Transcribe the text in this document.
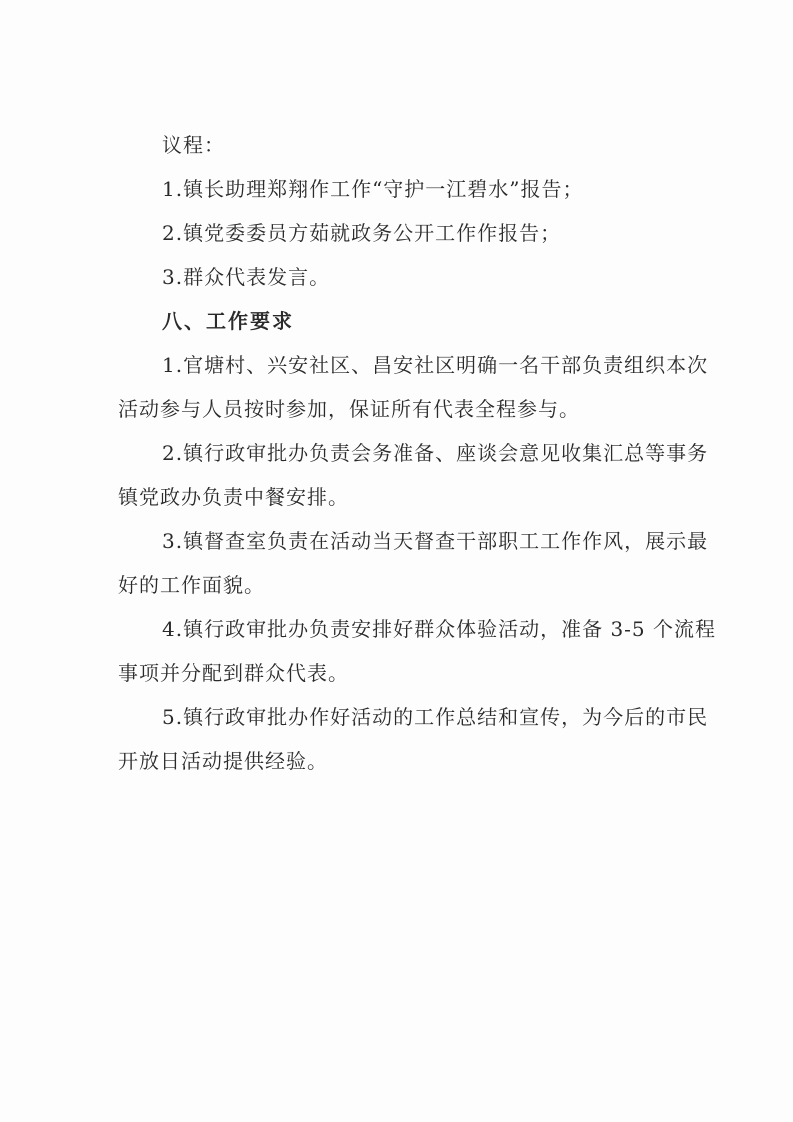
议程：
1.镇长助理郑翔作工作“守护一江碧水”报告；
2.镇党委委员方茹就政务公开工作作报告；
3.群众代表发言。
八、工作要求
1.官塘村、兴安社区、昌安社区明确一名干部负责组织本次
活动参与人员按时参加，保证所有代表全程参与。
2.镇行政审批办负责会务准备、座谈会意见收集汇总等事务
镇党政办负责中餐安排。
3.镇督查室负责在活动当天督查干部职工工作作风，展示最
好的工作面貌。
4.镇行政审批办负责安排好群众体验活动，准备 3-5 个流程
事项并分配到群众代表。
5.镇行政审批办作好活动的工作总结和宣传，为今后的市民
开放日活动提供经验。
